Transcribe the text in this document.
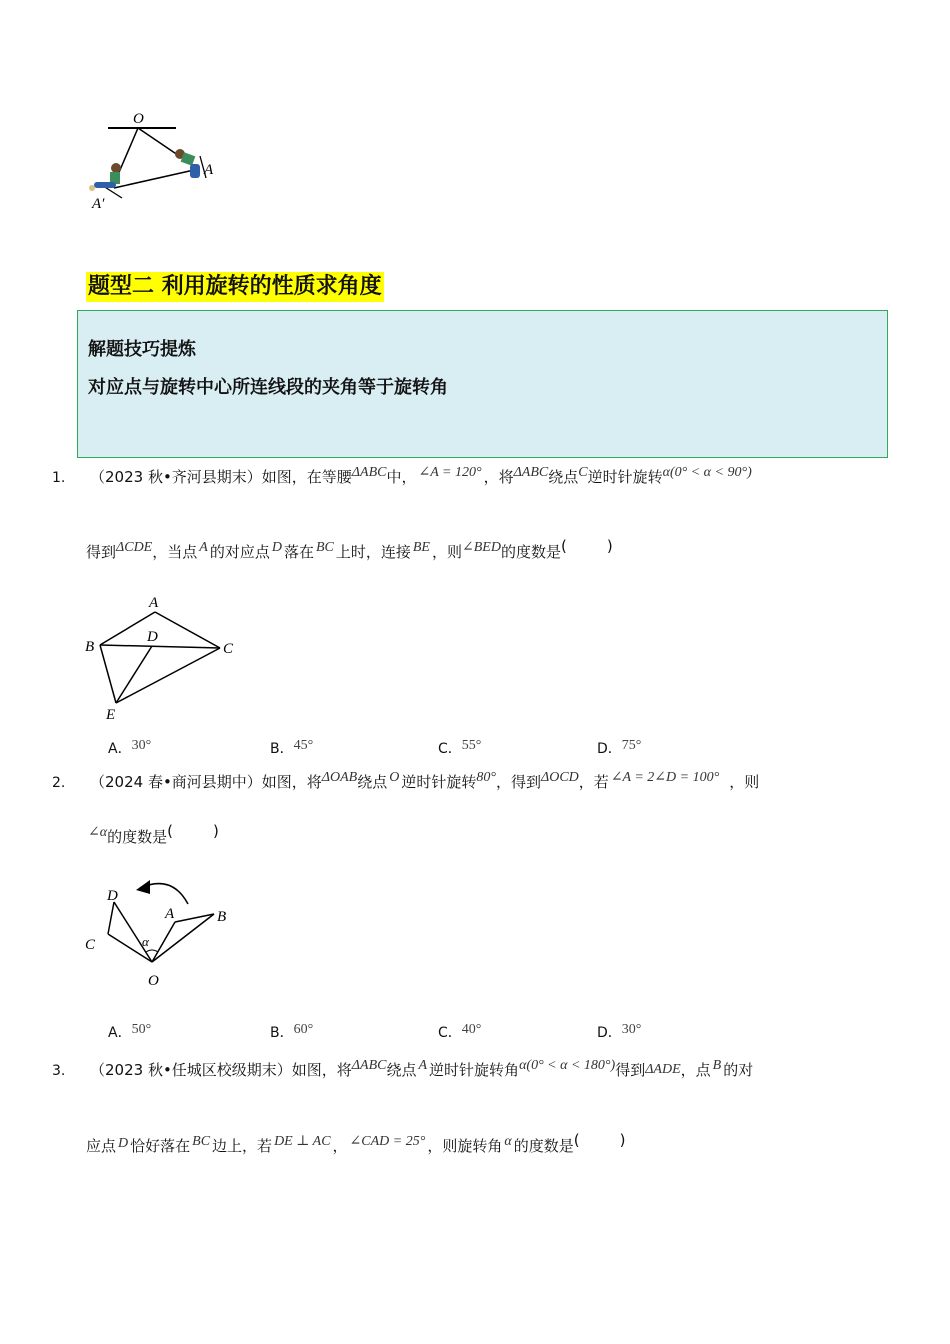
O
A
A′
题型二 利用旋转的性质求角度
解题技巧提炼
对应点与旋转中心所连线段的夹角等于旋转角
1. （2023 秋•齐河县期末）如图，在等腰ΔABC中， ∠A = 120° ，将ΔABC绕点C逆时针旋转α(0° < α < 90°)
得到ΔCDE，当点 A 的对应点 D 落在 BC 上时，连接 BE ，则∠BED的度数是(	)
A
B	C
D
E
A．30°	B．45°	C．55°	D．75°
2. （2024 春•商河县期中）如图，将ΔOAB绕点 O 逆时针旋转80°，得到ΔOCD，若 ∠A = 2∠D = 100° ，则
∠α的度数是(	)
D
C
A	B
O
α
A．50°	B．60°	C．40°	D．30°
3. （2023 秋•任城区校级期末）如图，将ΔABC绕点 A 逆时针旋转角α(0° < α < 180°)得到ΔADE，点 B 的对
应点 D 恰好落在 BC 边上，若 DE ⊥ AC ， ∠CAD = 25° ，则旋转角 α 的度数是(	)
